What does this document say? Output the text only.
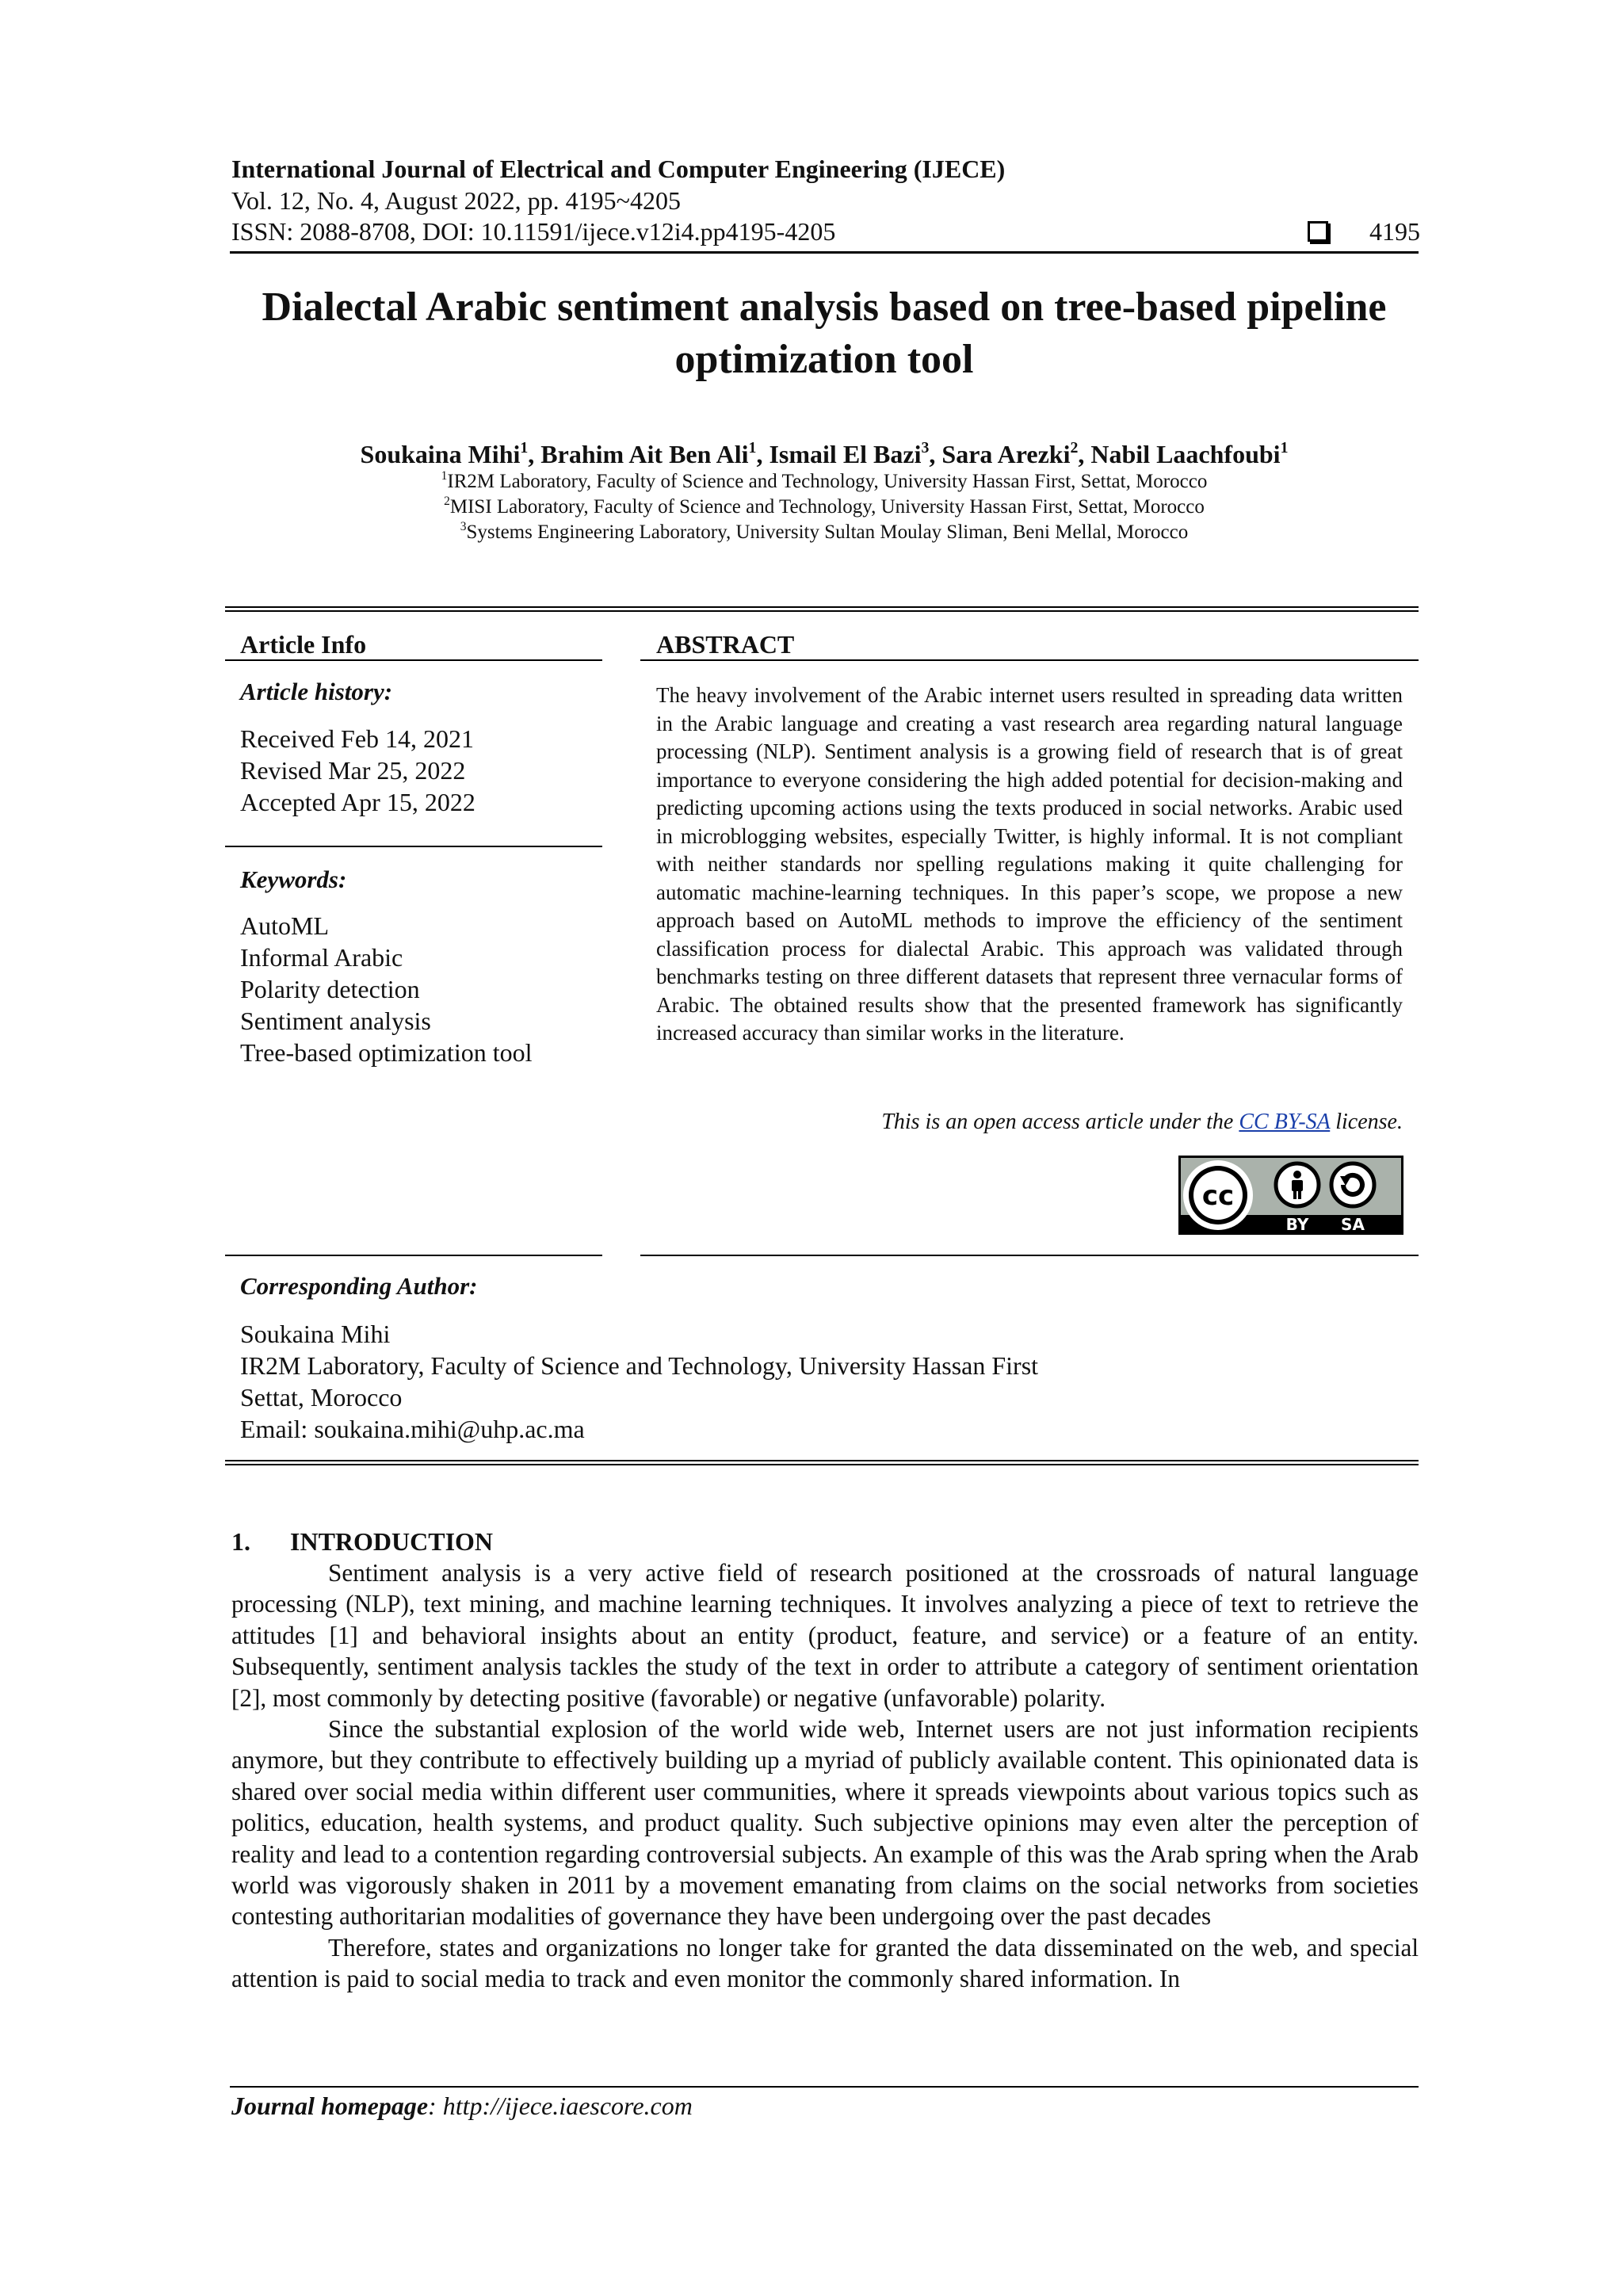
International Journal of Electrical and Computer Engineering (IJECE)
Vol. 12, No. 4, August 2022, pp. 4195~4205
ISSN: 2088-8708, DOI: 10.11591/ijece.v12i4.pp4195-4205	4195
Dialectal Arabic sentiment analysis based on tree-based pipeline optimization tool
Soukaina Mihi$^1$, Brahim Ait Ben Ali$^1$, Ismail El Bazi$^3$, Sara Arezki$^2$, Nabil Laachfoubi$^1$
$^1$IR2M Laboratory, Faculty of Science and Technology, University Hassan First, Settat, Morocco
$^2$MISI Laboratory, Faculty of Science and Technology, University Hassan First, Settat, Morocco
$^3$Systems Engineering Laboratory, University Sultan Moulay Sliman, Beni Mellal, Morocco
Article Info
Article history:
Received Feb 14, 2021
Revised Mar 25, 2022
Accepted Apr 15, 2022
Keywords:
AutoML
Informal Arabic
Polarity detection
Sentiment analysis
Tree-based optimization tool
ABSTRACT
The heavy involvement of the Arabic internet users resulted in spreading data written in the Arabic language and creating a vast research area regarding natural language processing (NLP). Sentiment analysis is a growing field of research that is of great importance to everyone considering the high added potential for decision-making and predicting upcoming actions using the texts produced in social networks. Arabic used in microblogging websites, especially Twitter, is highly informal. It is not compliant with neither standards nor spelling regulations making it quite challenging for automatic machine-learning techniques. In this paper’s scope, we propose a new approach based on AutoML methods to improve the efficiency of the sentiment classification process for dialectal Arabic. This approach was validated through benchmarks testing on three different datasets that represent three vernacular forms of Arabic. The obtained results show that the presented framework has significantly increased accuracy than similar works in the literature.
This is an open access article under the CC BY-SA license.
cc
BY SA
Corresponding Author:
Soukaina Mihi
IR2M Laboratory, Faculty of Science and Technology, University Hassan First
Settat, Morocco
Email: soukaina.mihi@uhp.ac.ma
1. INTRODUCTION

Sentiment analysis is a very active field of research positioned at the crossroads of natural language processing (NLP), text mining, and machine learning techniques. It involves analyzing a piece of text to retrieve the attitudes [1] and behavioral insights about an entity (product, feature, and service) or a feature of an entity. Subsequently, sentiment analysis tackles the study of the text in order to attribute a category of sentiment orientation [2], most commonly by detecting positive (favorable) or negative (unfavorable) polarity.

Since the substantial explosion of the world wide web, Internet users are not just information recipients anymore, but they contribute to effectively building up a myriad of publicly available content. This opinionated data is shared over social media within different user communities, where it spreads viewpoints about various topics such as politics, education, health systems, and product quality. Such subjective opinions may even alter the perception of reality and lead to a contention regarding controversial subjects. An example of this was the Arab spring when the Arab world was vigorously shaken in 2011 by a movement emanating from claims on the social networks from societies contesting authoritarian modalities of governance they have been undergoing over the past decades

Therefore, states and organizations no longer take for granted the data disseminated on the web, and special attention is paid to social media to track and even monitor the commonly shared information. In

Journal homepage: http://ijece.iaescore.com
